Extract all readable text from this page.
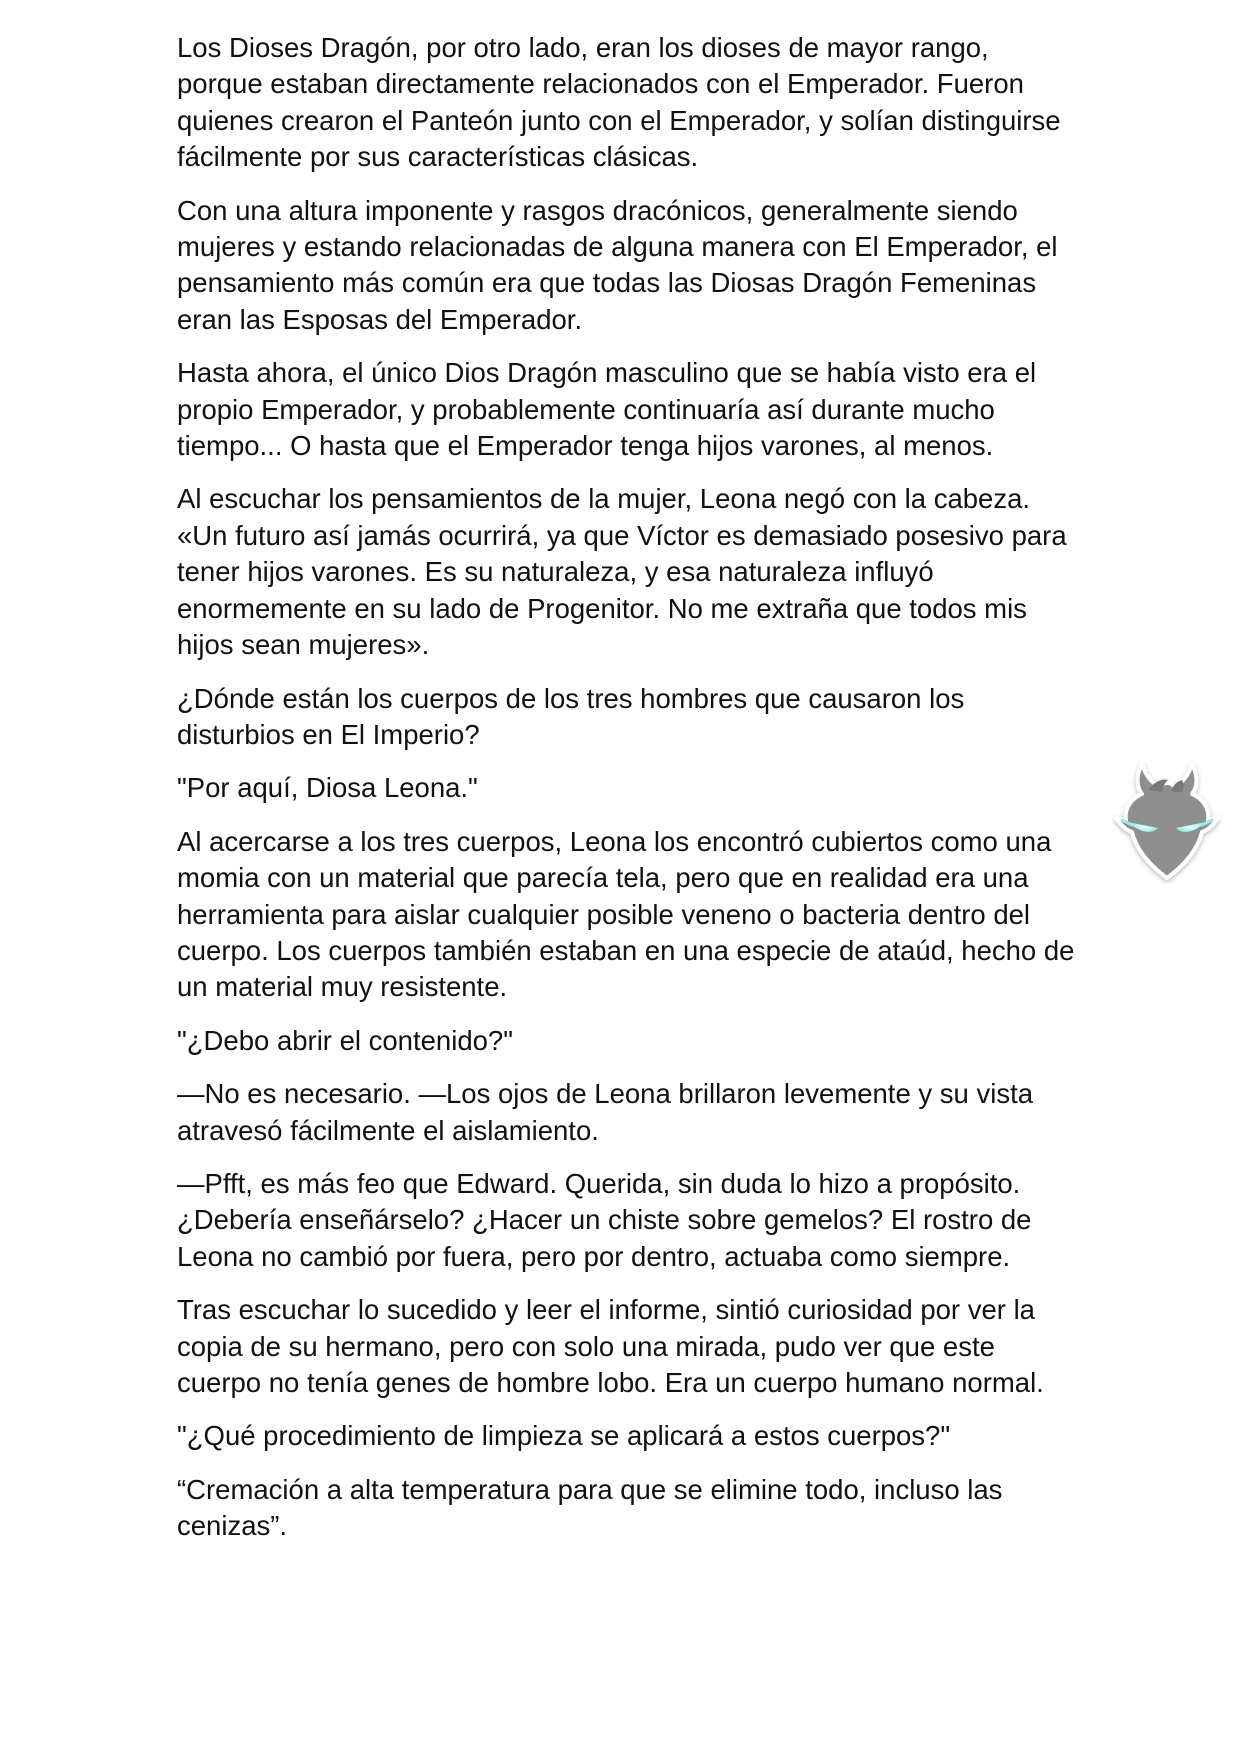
Los Dioses Dragón, por otro lado, eran los dioses de mayor rango, porque estaban directamente relacionados con el Emperador. Fueron quienes crearon el Panteón junto con el Emperador, y solían distinguirse fácilmente por sus características clásicas.

Con una altura imponente y rasgos dracónicos, generalmente siendo mujeres y estando relacionadas de alguna manera con El Emperador, el pensamiento más común era que todas las Diosas Dragón Femeninas eran las Esposas del Emperador.

Hasta ahora, el único Dios Dragón masculino que se había visto era el propio Emperador, y probablemente continuaría así durante mucho tiempo... O hasta que el Emperador tenga hijos varones, al menos.

Al escuchar los pensamientos de la mujer, Leona negó con la cabeza. «Un futuro así jamás ocurrirá, ya que Víctor es demasiado posesivo para tener hijos varones. Es su naturaleza, y esa naturaleza influyó enormemente en su lado de Progenitor. No me extraña que todos mis hijos sean mujeres».

¿Dónde están los cuerpos de los tres hombres que causaron los disturbios en El Imperio?

"Por aquí, Diosa Leona."

Al acercarse a los tres cuerpos, Leona los encontró cubiertos como una momia con un material que parecía tela, pero que en realidad era una herramienta para aislar cualquier posible veneno o bacteria dentro del cuerpo. Los cuerpos también estaban en una especie de ataúd, hecho de un material muy resistente.

"¿Debo abrir el contenido?"

—No es necesario. —Los ojos de Leona brillaron levemente y su vista atravesó fácilmente el aislamiento.

—Pfft, es más feo que Edward. Querida, sin duda lo hizo a propósito. ¿Debería enseñárselo? ¿Hacer un chiste sobre gemelos? El rostro de Leona no cambió por fuera, pero por dentro, actuaba como siempre.

Tras escuchar lo sucedido y leer el informe, sintió curiosidad por ver la copia de su hermano, pero con solo una mirada, pudo ver que este cuerpo no tenía genes de hombre lobo. Era un cuerpo humano normal.

"¿Qué procedimiento de limpieza se aplicará a estos cuerpos?"

“Cremación a alta temperatura para que se elimine todo, incluso las cenizas”.
